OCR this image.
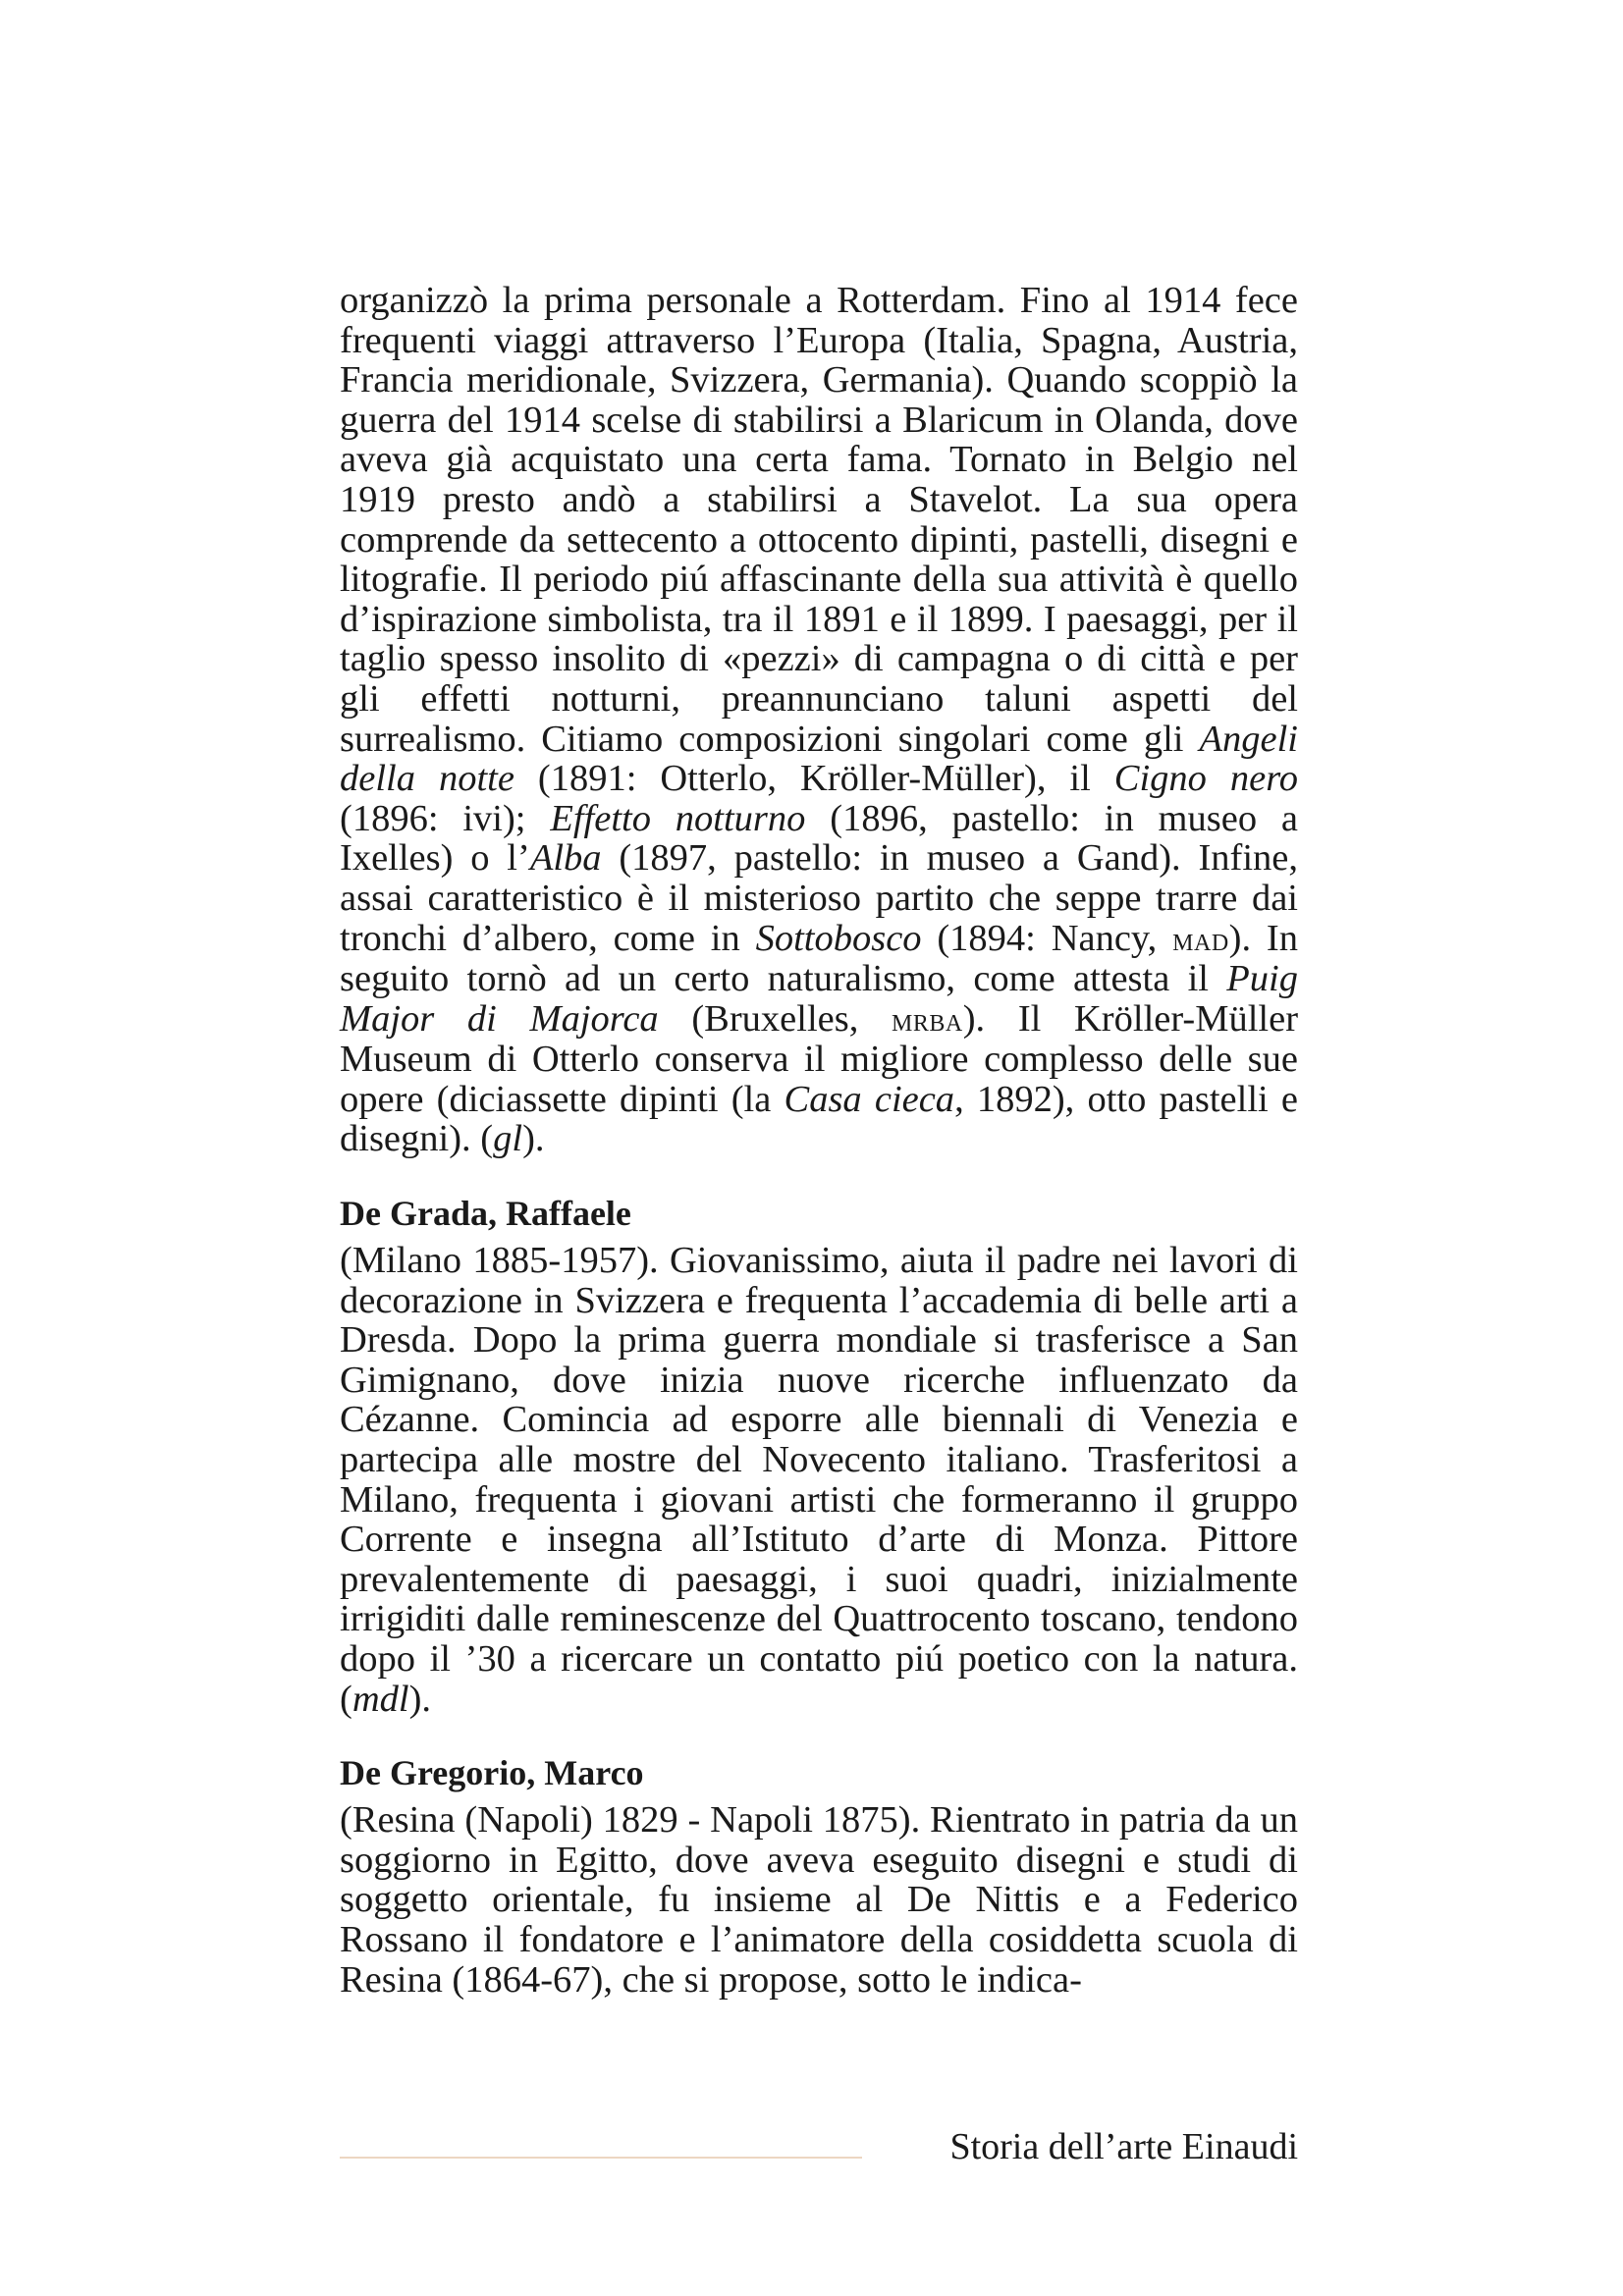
organizzò la prima personale a Rotterdam. Fino al 1914 fece frequenti viaggi attraverso l’Europa (Italia, Spagna, Austria, Francia meridionale, Svizzera, Germania). Quando scoppiò la guerra del 1914 scelse di stabilirsi a Blaricum in Olanda, dove aveva già acquistato una certa fama. Tornato in Belgio nel 1919 presto andò a stabilirsi a Stavelot. La sua opera comprende da settecento a ottocento dipinti, pastelli, disegni e litografie. Il periodo piú affascinante della sua attività è quello d’ispirazione simbolista, tra il 1891 e il 1899. I paesaggi, per il taglio spesso insolito di «pezzi» di campagna o di città e per gli effetti notturni, preannunciano taluni aspetti del surrealismo. Citiamo composizioni singolari come gli Angeli della notte (1891: Otterlo, Kröller-Müller), il Cigno nero (1896: ivi); Effetto notturno (1896, pastello: in museo a Ixelles) o l’Alba (1897, pastello: in museo a Gand). Infine, assai caratteristico è il misterioso partito che seppe trarre dai tronchi d’albero, come in Sottobosco (1894: Nancy, mad). In seguito tornò ad un certo naturalismo, come attesta il Puig Major di Majorca (Bruxelles, mrba). Il Kröller-Müller Museum di Otterlo conserva il migliore complesso delle sue opere (diciassette dipinti (la Casa cieca, 1892), otto pastelli e disegni). (gl).

De Grada, Raffaele

(Milano 1885-1957). Giovanissimo, aiuta il padre nei lavori di decorazione in Svizzera e frequenta l’accademia di belle arti a Dresda. Dopo la prima guerra mondiale si trasferisce a San Gimignano, dove inizia nuove ricerche influenzato da Cézanne. Comincia ad esporre alle biennali di Venezia e partecipa alle mostre del Novecento italiano. Trasferitosi a Milano, frequenta i giovani artisti che formeranno il gruppo Corrente e insegna all’Istituto d’arte di Monza. Pittore prevalentemente di paesaggi, i suoi quadri, inizialmente irrigiditi dalle reminescenze del Quattrocento toscano, tendono dopo il ’30 a ricercare un contatto piú poetico con la natura. (mdl).

De Gregorio, Marco

(Resina (Napoli) 1829 - Napoli 1875). Rientrato in patria da un soggiorno in Egitto, dove aveva eseguito disegni e studi di soggetto orientale, fu insieme al De Nittis e a Federico Rossano il fondatore e l’animatore della cosiddetta scuola di Resina (1864-67), che si propose, sotto le indica-

Storia dell’arte Einaudi
